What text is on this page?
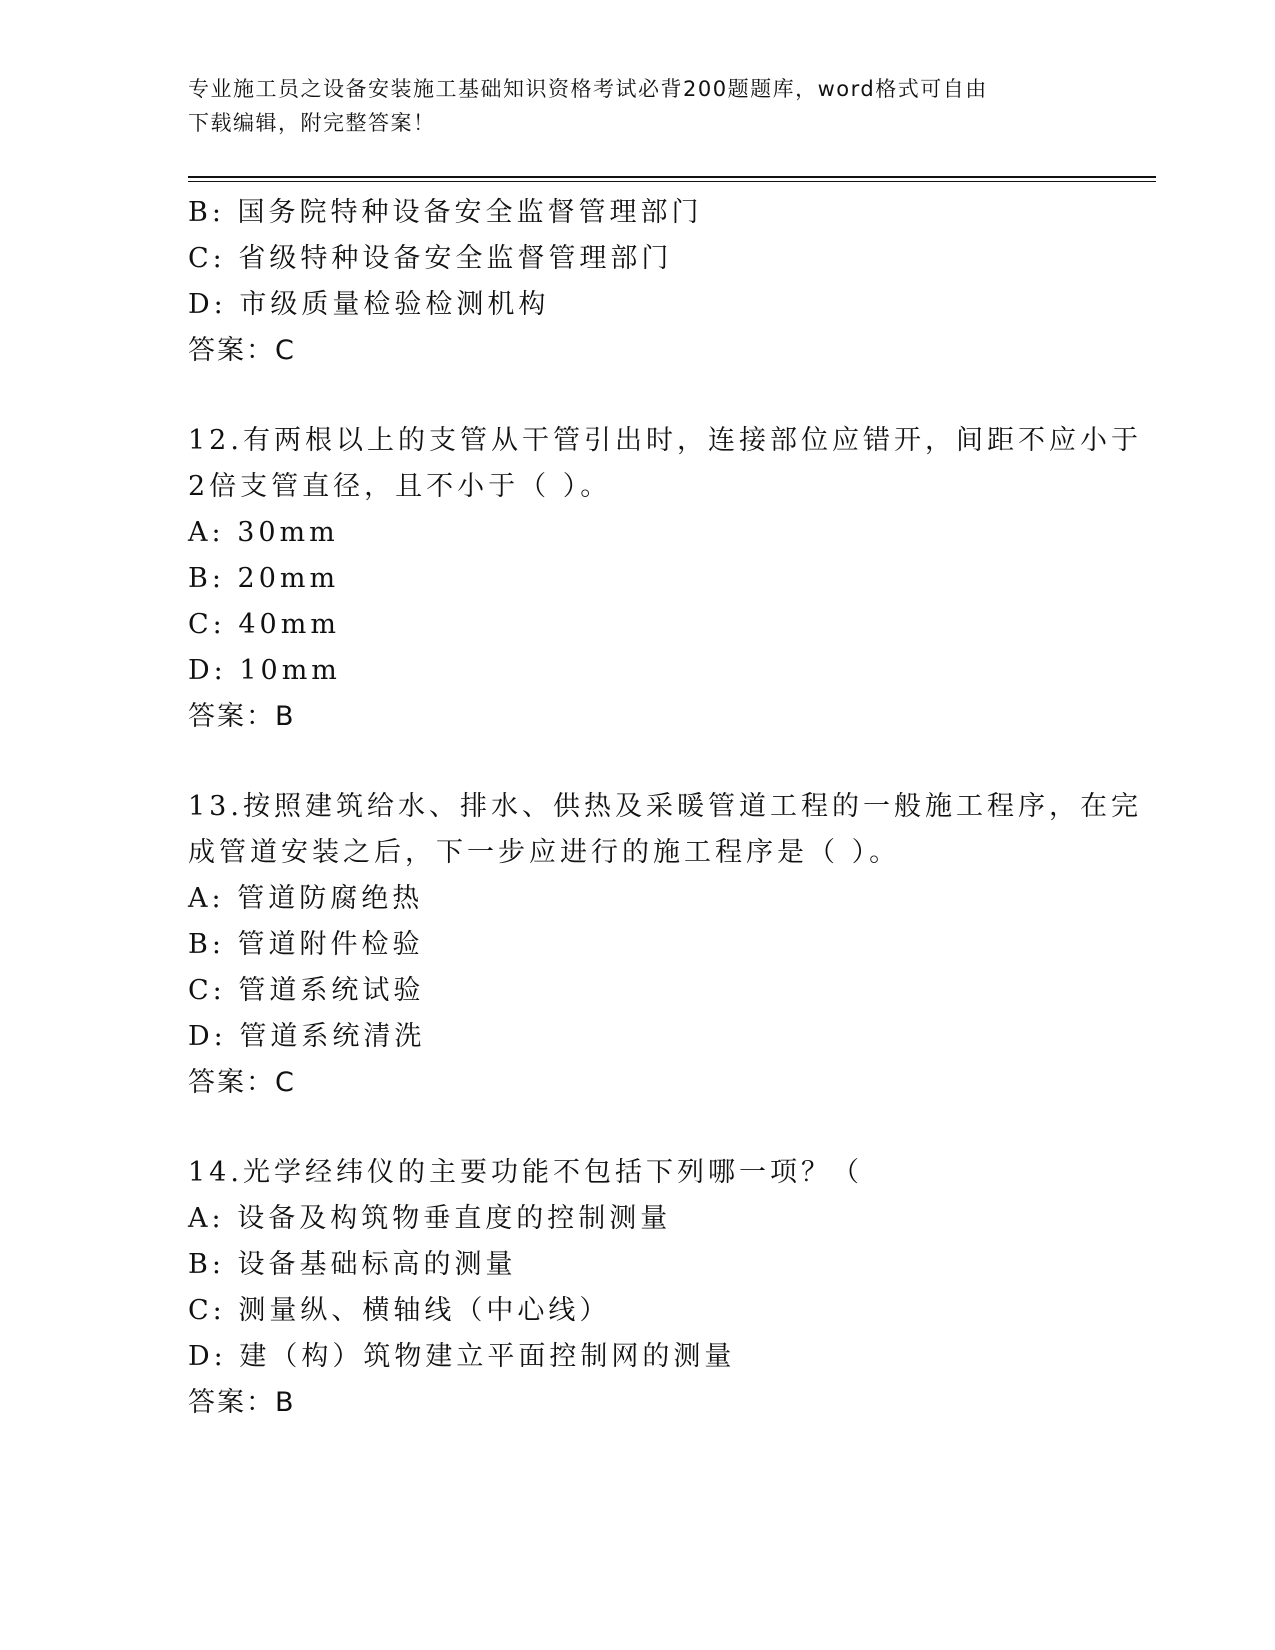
专业施工员之设备安装施工基础知识资格考试必背200题题库，word格式可自由
下载编辑，附完整答案！
B: 国务院特种设备安全监督管理部门
C: 省级特种设备安全监督管理部门
D: 市级质量检验检测机构
答案：C
12.有两根以上的支管从干管引出时，连接部位应错开，间距不应小于
2倍支管直径，且不小于（ ）。
A: 30mm
B: 20mm
C: 40mm
D: 10mm
答案：B
13.按照建筑给水、排水、供热及采暖管道工程的一般施工程序，在完
成管道安装之后，下一步应进行的施工程序是（ ）。
A: 管道防腐绝热
B: 管道附件检验
C: 管道系统试验
D: 管道系统清洗
答案：C
14.光学经纬仪的主要功能不包括下列哪一项？（
A: 设备及构筑物垂直度的控制测量
B: 设备基础标高的测量
C: 测量纵、横轴线（中心线）
D: 建（构）筑物建立平面控制网的测量
答案：B
